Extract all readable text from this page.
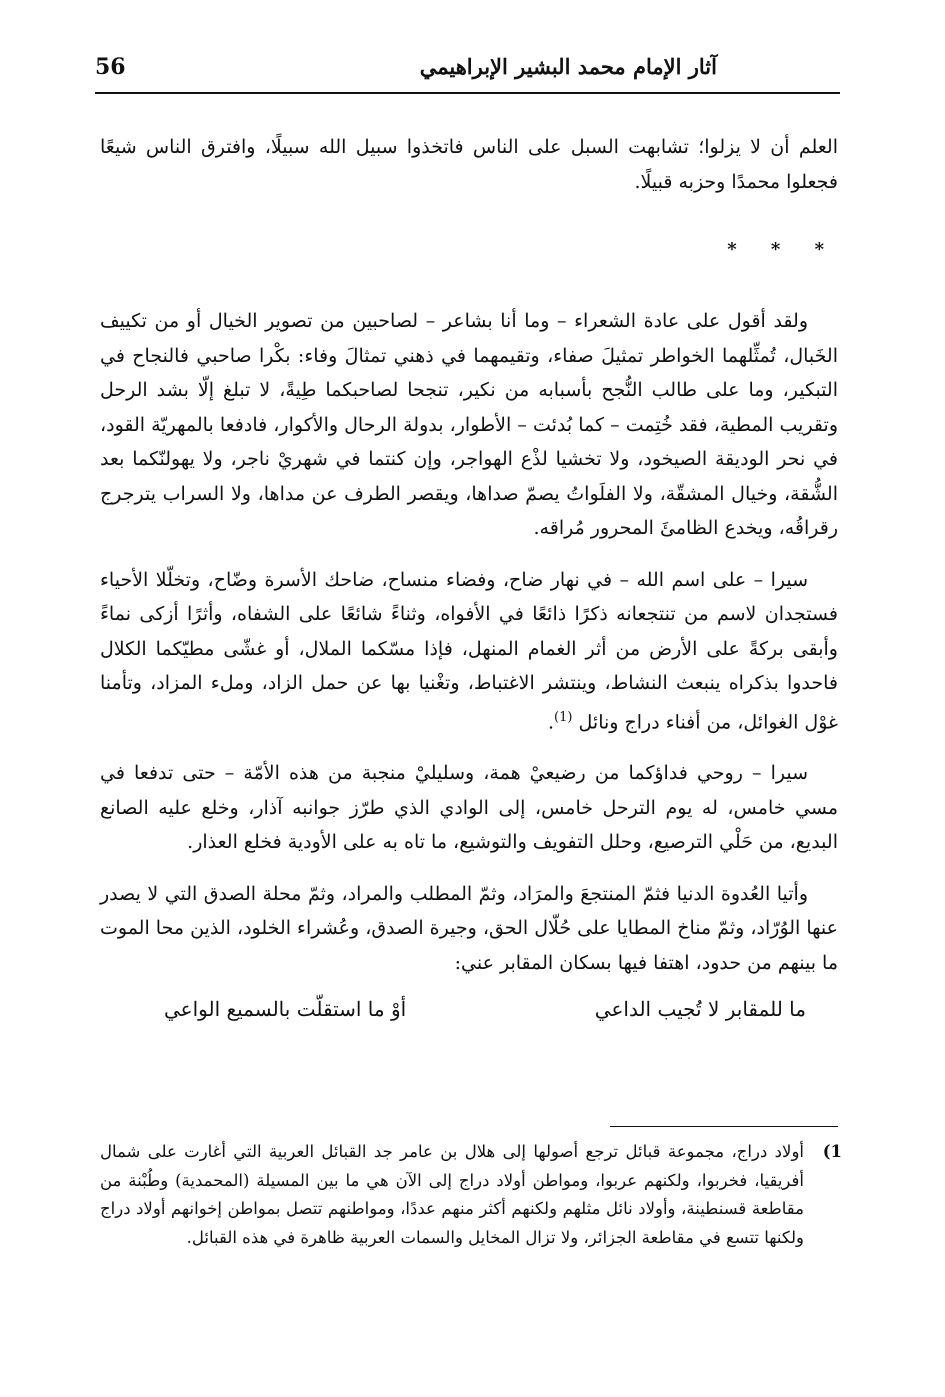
56	آثار الإمام محمد البشير الإبراهيمي

العلم أن لا يزلوا؛ تشابهت السبل على الناس فاتخذوا سبيل الله سبيلًا، وافترق الناس شيعًا فجعلوا محمدًا وحزبه قبيلًا.

* * *

ولقد أقول على عادة الشعراء – وما أنا بشاعر – لصاحبين من تصوير الخيال أو من تكييف الخَبال، تُمثِّلهما الخواطر تمثيلَ صفاء، وتقيمهما في ذهني تمثالَ وفاء: بكْرا صاحبي فالنجاح في التبكير، وما على طالب النُّجح بأسبابه من نكير، تنجحا لصاحبكما طِيةً، لا تبلغ إلّا بشد الرحل وتقريب المطية، فقد خُتِمت – كما بُدئت – الأطوار، بدولة الرحال والأكوار، فادفعا بالمهريّة القود، في نحر الوديقة الصيخود، ولا تخشيا لذْع الهواجر، وإن كنتما في شهريْ ناجر، ولا يهولنّكما بعد الشُّقة، وخيال المشقّة، ولا الفلَواتُ يصمّ صداها، ويقصر الطرف عن مداها، ولا السراب يترجرج رقراقُه، ويخدع الظامئَ المحرور مُراقه.

سيرا – على اسم الله – في نهار ضاح، وفضاء منساح، ضاحك الأسرة وضّاح، وتخلّلا الأحياء فستجدان لاسم من تنتجعانه ذكرًا ذائعًا في الأفواه، وثناءً شائعًا على الشفاه، وأثرًا أزكى نماءً وأبقى بركةً على الأرض من أثر الغمام المنهل، فإذا مسّكما الملال، أو غشّى مطيّكما الكلال فاحدوا بذكراه ينبعث النشاط، وينتشر الاغتباط، وتغْنيا بها عن حمل الزاد، وملء المزاد، وتأمنا غوْل الغوائل، من أفناء دراج ونائل $^{(1)}$.

سيرا – روحي فداؤكما من رضيعيْ همة، وسليليْ منجبة من هذه الأمّة – حتى تدفعا في مسي خامس، له يوم الترحل خامس، إلى الوادي الذي طرّز جوانبه آذار، وخلع عليه الصانع البديع، من حَلْي الترصيع، وحلل التفويف والتوشيع، ما تاه به على الأودية فخلع العذار.

وأتيا العُدوة الدنيا فثمّ المنتجعَ والمرَاد، وثمّ المطلب والمراد، وثمّ محلة الصدق التي لا يصدر عنها الوُرّاد، وثمّ مناخ المطايا على حُلّال الحق، وجيرة الصدق، وعُشراء الخلود، الذين محا الموت ما بينهم من حدود، اهتفا فيها بسكان المقابر عني:

ما للمقابر لا تُجيب الداعي
أوْ ما استقلّت بالسميع الواعي
1)
أولاد دراج، مجموعة قبائل ترجع أصولها إلى هلال بن عامر جد القبائل العربية التي أغارت على شمال أفريقيا، فخربوا، ولكنهم عربوا، ومواطن أولاد دراج إلى الآن هي ما بين المسيلة (المحمدية) وطُبْنة من مقاطعة قسنطينة، وأولاد نائل مثلهم ولكنهم أكثر منهم عددًا، ومواطنهم تتصل بمواطن إخوانهم أولاد دراج ولكنها تتسع في مقاطعة الجزائر، ولا تزال المخايل والسمات العربية ظاهرة في هذه القبائل.
